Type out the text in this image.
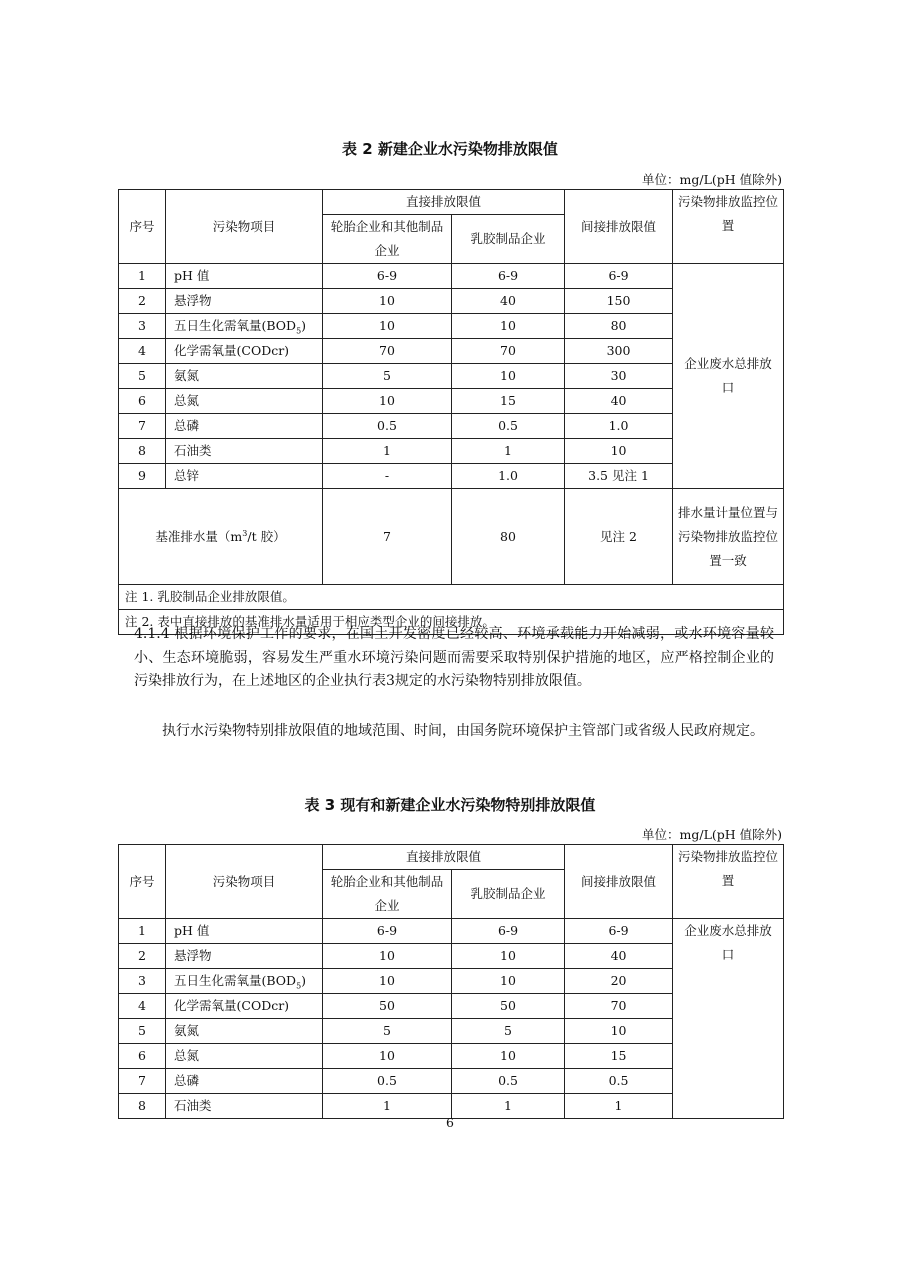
表 2 新建企业水污染物排放限值
单位：mg/L(pH 值除外)
序号	污染物项目	直接排放限值		间接排放限值	污染物排放监控位置
		轮胎企业和其他制品企业	乳胶制品企业		

1	pH 值	6-9	6-9	6-9	企业废水总排放口
2	悬浮物	10	40	150	
3	五日生化需氧量$(BOD_5)$	10	10	80	
4	化学需氧量(CODcr)	70	70	300	
5	氨氮	5	10	30	
6	总氮	10	15	40	
7	总磷	0.5	0.5	1.0	
8	石油类	1	1	10	
9	总锌	-	1.0	3.5 见注 1	
基准排水量（$m^3/t$ 胶）		7	80	见注 2	排水量计量位置与污染物排放监控位置一致
注 1. 乳胶制品企业排放限值。					
注 2. 表中直接排放的基准排水量适用于相应类型企业的间接排放。					

4.1.4 根据环境保护工作的要求，在国土开发密度已经较高、环境承载能力开始减弱，或水环境容量较小、生态环境脆弱，容易发生严重水环境污染问题而需要采取特别保护措施的地区，应严格控制企业的污染排放行为，在上述地区的企业执行表3规定的水污染物特别排放限值。

执行水污染物特别排放限值的地域范围、时间，由国务院环境保护主管部门或省级人民政府规定。

表 3 现有和新建企业水污染物特别排放限值
单位：mg/L(pH 值除外)
序号	污染物项目	直接排放限值		间接排放限值	污染物排放监控位置
		轮胎企业和其他制品企业	乳胶制品企业		

1	pH 值	6-9	6-9	6-9	企业废水总排放口
2	悬浮物	10	10	40	
3	五日生化需氧量$(BOD_5)$	10	10	20	
4	化学需氧量(CODcr)	50	50	70	
5	氨氮	5	5	10	
6	总氮	10	10	15	
7	总磷	0.5	0.5	0.5	
8	石油类	1	1	1	
6
